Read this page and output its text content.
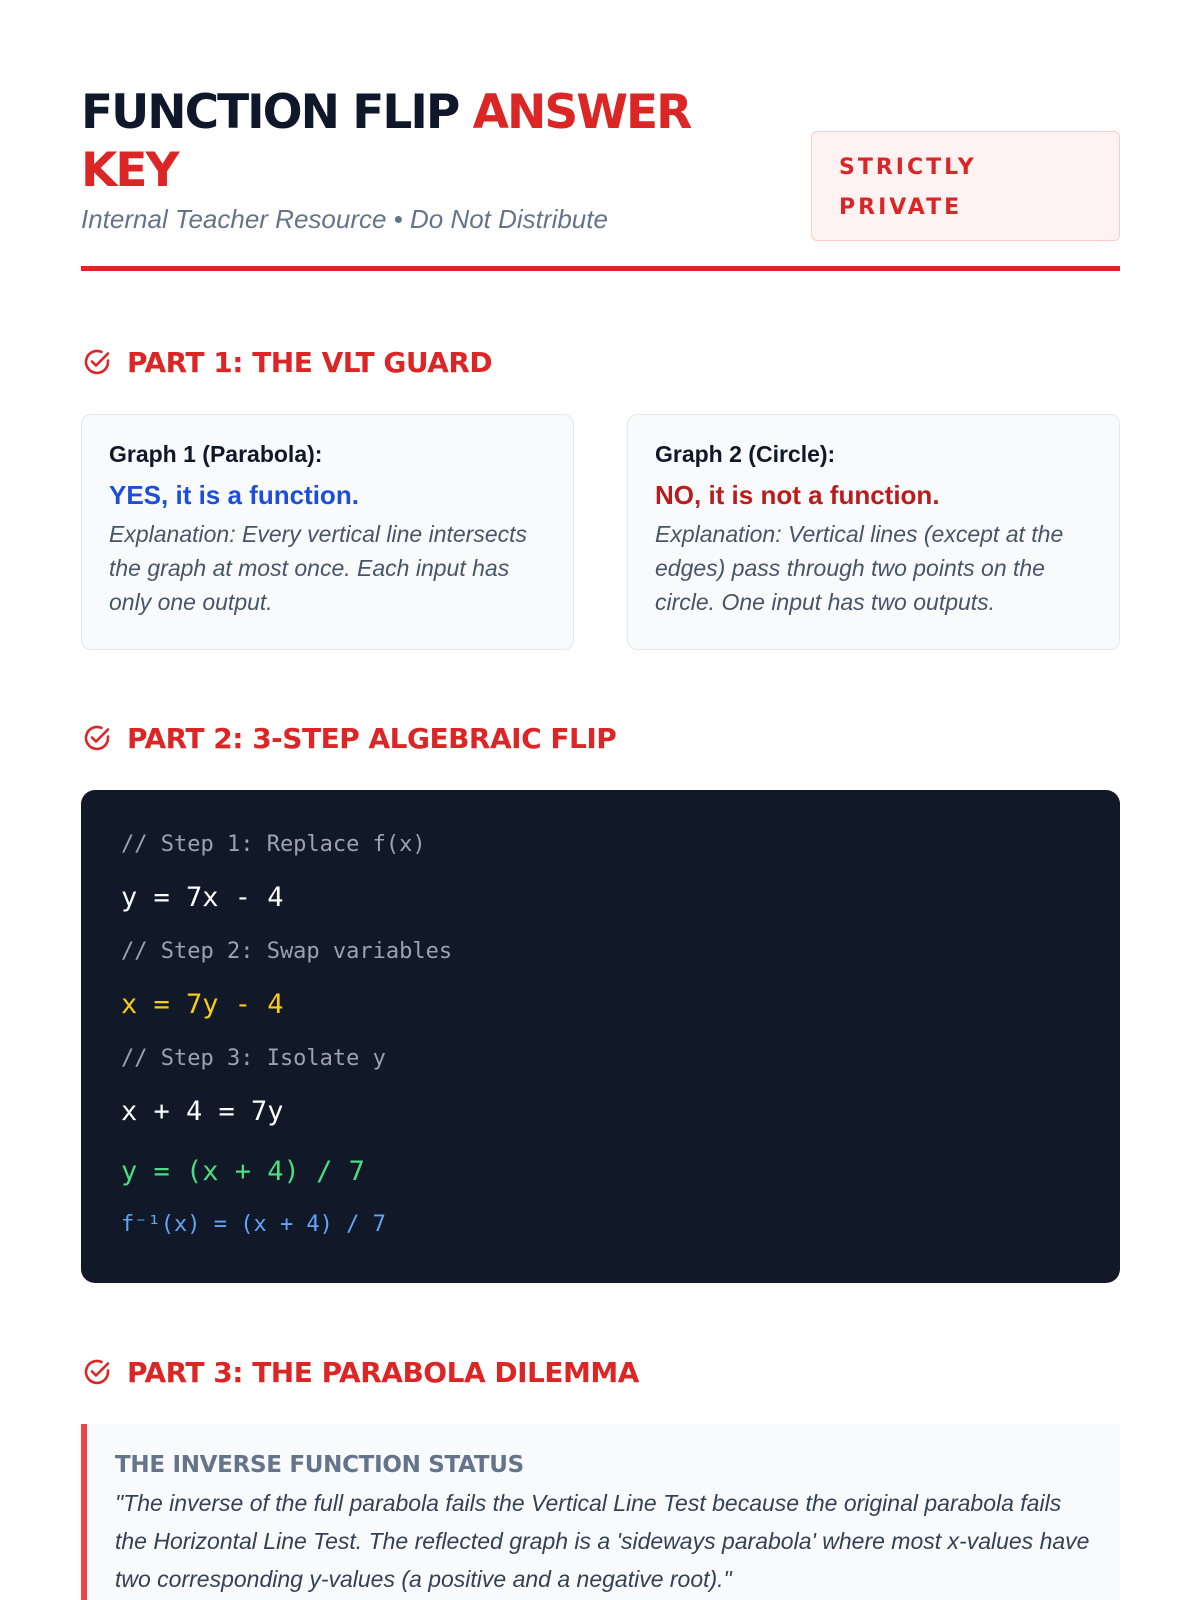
FUNCTION FLIP ANSWER KEY
Internal Teacher Resource • Do Not Distribute
STRICTLY PRIVATE
PART 1: THE VLT GUARD
Graph 1 (Parabola):
YES, it is a function.
Explanation: Every vertical line intersects the graph at most once. Each input has only one output.
Graph 2 (Circle):
NO, it is not a function.
Explanation: Vertical lines (except at the edges) pass through two points on the circle. One input has two outputs.
PART 2: 3-STEP ALGEBRAIC FLIP
// Step 1: Replace f(x)
y = 7x - 4
// Step 2: Swap variables
x = 7y - 4
// Step 3: Isolate y
x + 4 = 7y
y = (x + 4) / 7
f⁻¹(x) = (x + 4) / 7
PART 3: THE PARABOLA DILEMMA
THE INVERSE FUNCTION STATUS
"The inverse of the full parabola fails the Vertical Line Test because the original parabola fails the Horizontal Line Test. The reflected graph is a 'sideways parabola' where most x-values have two corresponding y-values (a positive and a negative root)."
